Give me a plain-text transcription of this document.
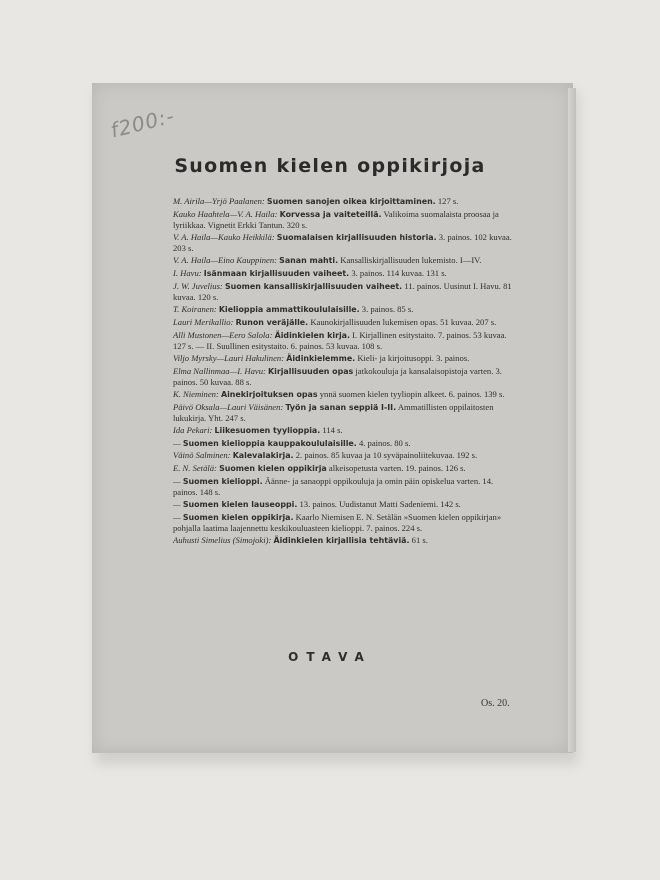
f200:-
Suomen kielen oppikirjoja
M. Airila—Yrjö Paalanen: Suomen sanojen oikea kirjoittaminen. 127 s.
Kauko Haahtela—V. A. Haila: Korvessa ja vaiteteillä. Valikoima suomalaista proosaa ja lyriikkaa. Vignetit Erkki Tantun. 320 s.
V. A. Haila—Kauko Heikkilä: Suomalaisen kirjallisuuden historia. 3. painos. 102 kuvaa. 203 s.
V. A. Haila—Eino Kauppinen: Sanan mahti. Kansalliskirjallisuuden lukemisto. I—IV.
I. Havu: Isänmaan kirjallisuuden vaiheet. 3. painos. 114 kuvaa. 131 s.
J. W. Juvelius: Suomen kansalliskirjallisuuden vaiheet. 11. painos. Uusinut I. Havu. 81 kuvaa. 120 s.
T. Koiranen: Kielioppia ammattikoululaisille. 3. painos. 85 s.
Lauri Merikallio: Runon veräjälle. Kaunokirjallisuuden lukemisen opas. 51 kuvaa. 207 s.
Alli Mustonen—Eero Salola: Äidinkielen kirja. I. Kirjallinen esitystaito. 7. painos. 53 kuvaa. 127 s. — II. Suullinen esitystaito. 6. painos. 53 kuvaa. 108 s.
Viljo Myrsky—Lauri Hakulinen: Äidinkielemme. Kieli- ja kirjoitusoppi. 3. painos.
Elma Nallinmaa—I. Havu: Kirjallisuuden opas jatkokouluja ja kansalaisopistoja varten. 3. painos. 50 kuvaa. 88 s.
K. Nieminen: Ainekirjoituksen opas ynnä suomen kielen tyyliopin alkeet. 6. painos. 139 s.
Päivö Oksala—Lauri Väisänen: Työn ja sanan seppiä I-II. Ammatillisten oppilaitosten lukukirja. Yht. 247 s.
Ida Pekari: Liikesuomen tyylioppia. 114 s.
— Suomen kielioppia kauppakoululaisille. 4. painos. 80 s.
Väinö Salminen: Kalevalakirja. 2. painos. 85 kuvaa ja 10 syväpainoliitekuvaa. 192 s.
E. N. Setälä: Suomen kielen oppikirja alkeisopetusta varten. 19. painos. 126 s.
— Suomen kielioppi. Äänne- ja sanaoppi oppikouluja ja omin päin opiskelua varten. 14. painos. 148 s.
— Suomen kielen lauseoppi. 13. painos. Uudistanut Matti Sadeniemi. 142 s.
— Suomen kielen oppikirja. Kaarlo Niemisen E. N. Setälän »Suomen kielen oppikirjan» pohjalla laatima laajennettu keskikouluasteen kielioppi. 7. painos. 224 s.
Auhusti Simelius (Simojoki): Äidinkielen kirjallisia tehtäviä. 61 s.
OTAVA
Os. 20.
